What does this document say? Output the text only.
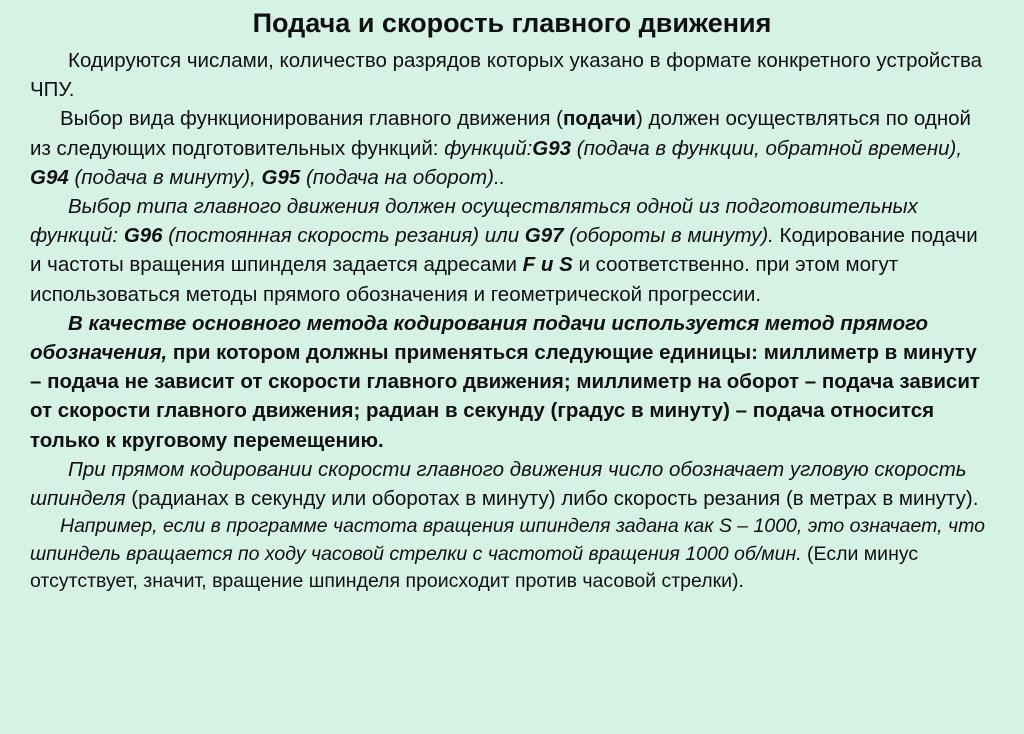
Подача и скорость главного движения

Кодируются числами, количество разрядов которых указано в формате конкретного устройства ЧПУ.

Выбор вида функционирования главного движения (подачи) должен осуществляться по одной из следующих подготовительных функций: функций:G93 (подача в функции, обратной времени), G94 (подача в минуту), G95 (подача на оборот)..

Выбор типа главного движения должен осуществляться одной из подготовительных функций: G96 (постоянная скорость резания) или G97 (обороты в минуту). Кодирование подачи и частоты вращения шпинделя задается адресами F и S и соответственно. при этом могут использоваться методы прямого обозначения и геометрической прогрессии.

В качестве основного метода кодирования подачи используется метод прямого обозначения, при котором должны применяться следующие единицы: миллиметр в минуту – подача не зависит от скорости главного движения; миллиметр на оборот – подача зависит от скорости главного движения; радиан в секунду (градус в минуту) – подача относится только к круговому перемещению.

При прямом кодировании скорости главного движения число обозначает угловую скорость шпинделя (радианах в секунду или оборотах в минуту) либо скорость резания (в метрах в минуту).

Например, если в программе частота вращения шпинделя задана как S – 1000, это означает, что шпиндель вращается по ходу часовой стрелки с частотой вращения 1000 об/мин. (Если минус отсутствует, значит, вращение шпинделя происходит против часовой стрелки).
